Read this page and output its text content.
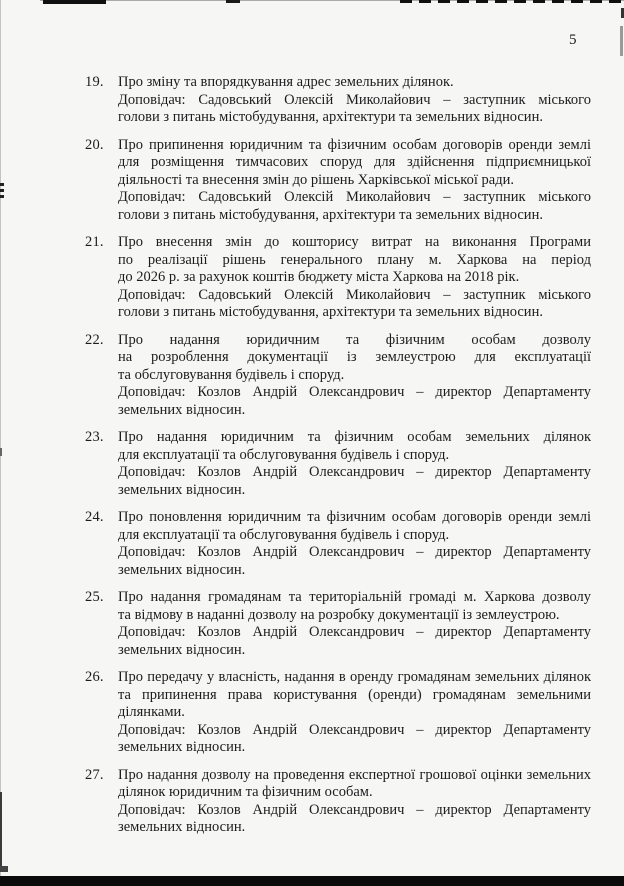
5
19. Про зміну та впорядкування адрес земельних ділянок.
Доповідач: Садовський Олексій Миколайович – заступник міського
голови з питань містобудування, архітектури та земельних відносин.
20. Про припинення юридичним та фізичним особам договорів оренди землі
для розміщення тимчасових споруд для здійснення підприємницької
діяльності та внесення змін до рішень Харківської міської ради.
Доповідач: Садовський Олексій Миколайович – заступник міського
голови з питань містобудування, архітектури та земельних відносин.
21. Про внесення змін до кошторису витрат на виконання Програми
по реалізації рішень генерального плану м. Харкова на період
до 2026 р. за рахунок коштів бюджету міста Харкова на 2018 рік.
Доповідач: Садовський Олексій Миколайович – заступник міського
голови з питань містобудування, архітектури та земельних відносин.
22. Про надання юридичним та фізичним особам дозволу
на розроблення документації із землеустрою для експлуатації
та обслуговування будівель і споруд.
Доповідач: Козлов Андрій Олександрович – директор Департаменту
земельних відносин.
23. Про надання юридичним та фізичним особам земельних ділянок
для експлуатації та обслуговування будівель і споруд.
Доповідач: Козлов Андрій Олександрович – директор Департаменту
земельних відносин.
24. Про поновлення юридичним та фізичним особам договорів оренди землі
для експлуатації та обслуговування будівель і споруд.
Доповідач: Козлов Андрій Олександрович – директор Департаменту
земельних відносин.
25. Про надання громадянам та територіальній громаді м. Харкова дозволу
та відмову в наданні дозволу на розробку документації із землеустрою.
Доповідач: Козлов Андрій Олександрович – директор Департаменту
земельних відносин.
26. Про передачу у власність, надання в оренду громадянам земельних ділянок
та припинення права користування (оренди) громадянам земельними
ділянками.
Доповідач: Козлов Андрій Олександрович – директор Департаменту
земельних відносин.
27. Про надання дозволу на проведення експертної грошової оцінки земельних
ділянок юридичним та фізичним особам.
Доповідач: Козлов Андрій Олександрович – директор Департаменту
земельних відносин.
